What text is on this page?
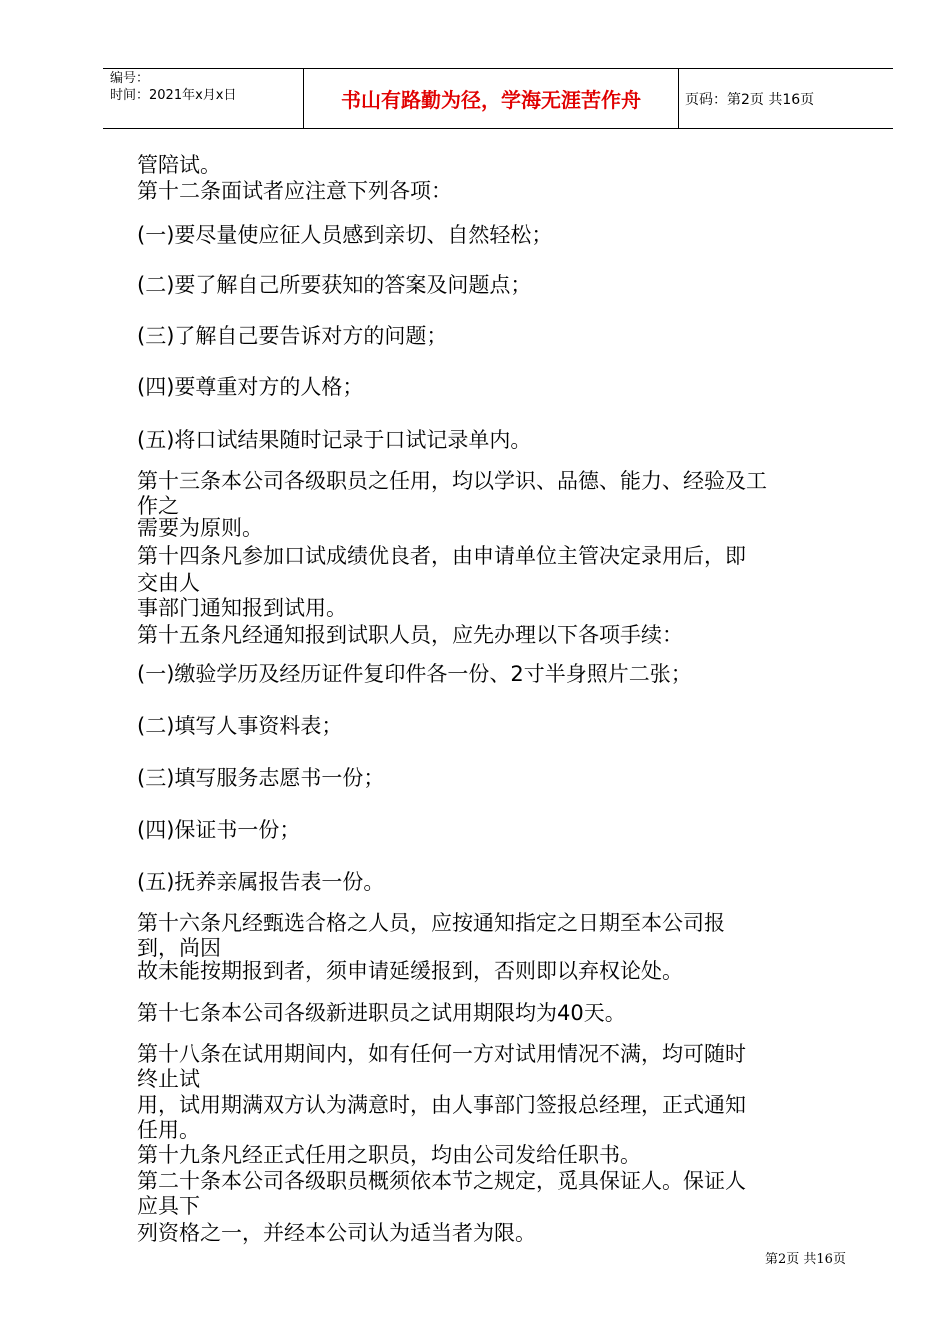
编号：
时间：2021年x月x日	书山有路勤为径，学海无涯苦作舟	页码：第2页 共16页
管陪试。
第十二条面试者应注意下列各项：
(一)要尽量使应征人员感到亲切、自然轻松；
(二)要了解自己所要获知的答案及问题点；
(三)了解自己要告诉对方的问题；
(四)要尊重对方的人格；
(五)将口试结果随时记录于口试记录单内。
第十三条本公司各级职员之任用，均以学识、品德、能力、经验及工
作之
需要为原则。
第十四条凡参加口试成绩优良者，由申请单位主管决定录用后，即
交由人
事部门通知报到试用。
第十五条凡经通知报到试职人员，应先办理以下各项手续：
(一)缴验学历及经历证件复印件各一份、2寸半身照片二张；
(二)填写人事资料表；
(三)填写服务志愿书一份；
(四)保证书一份；
(五)抚养亲属报告表一份。
第十六条凡经甄选合格之人员，应按通知指定之日期至本公司报
到，尚因
故未能按期报到者，须申请延缓报到，否则即以弃权论处。
第十七条本公司各级新进职员之试用期限均为40天。
第十八条在试用期间内，如有任何一方对试用情况不满，均可随时
终止试
用，试用期满双方认为满意时，由人事部门签报总经理，正式通知
任用。
第十九条凡经正式任用之职员，均由公司发给任职书。
第二十条本公司各级职员概须依本节之规定，觅具保证人。保证人
应具下
列资格之一，并经本公司认为适当者为限。
第2页 共16页
